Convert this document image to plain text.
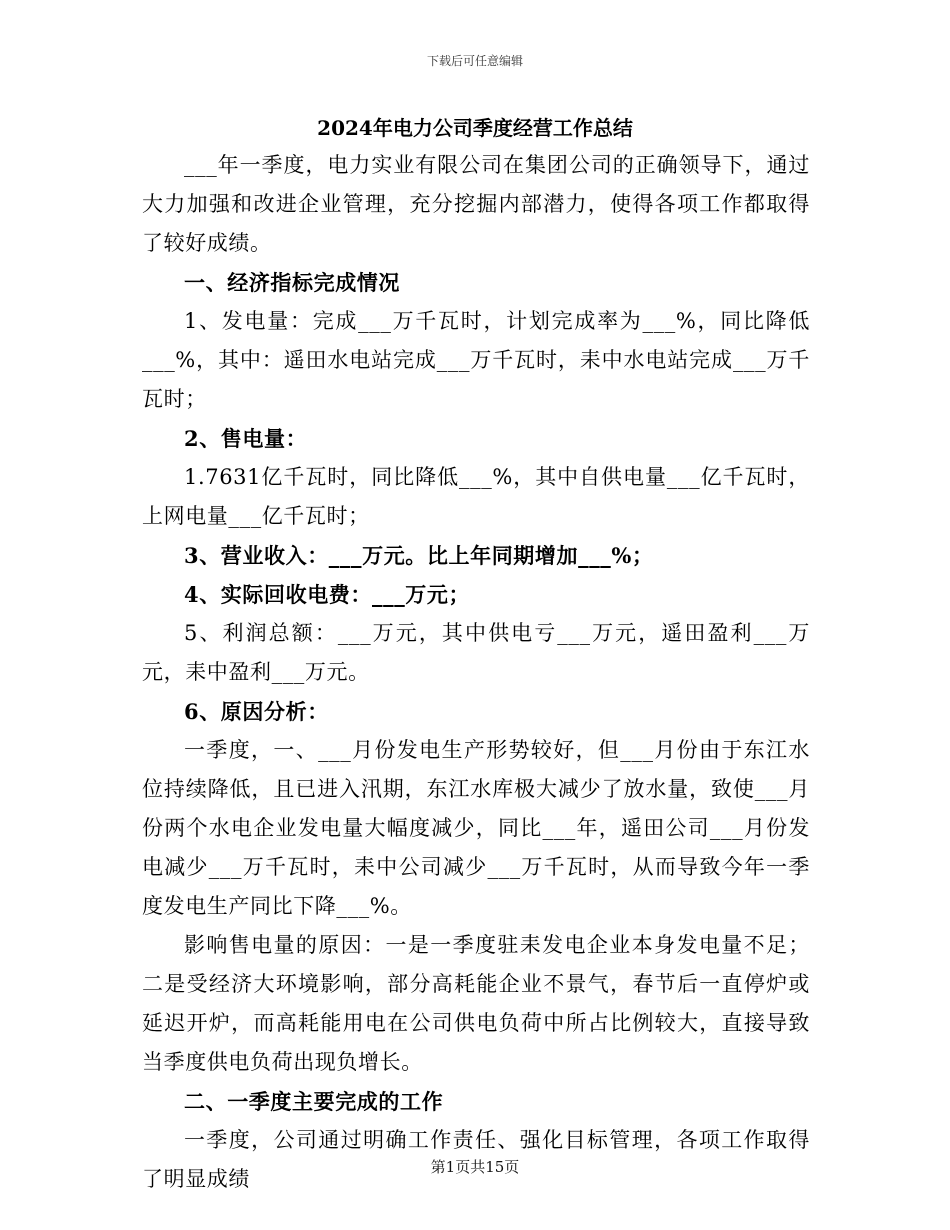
下载后可任意编辑
2024年电力公司季度经营工作总结

___年一季度，电力实业有限公司在集团公司的正确领导下，通过大力加强和改进企业管理，充分挖掘内部潜力，使得各项工作都取得了较好成绩。

一、经济指标完成情况

1、发电量：完成___万千瓦时，计划完成率为___%，同比降低___%，其中：遥田水电站完成___万千瓦时，耒中水电站完成___万千瓦时；

2、售电量：

1.7631亿千瓦时，同比降低___%，其中自供电量___亿千瓦时，上网电量___亿千瓦时；

3、营业收入：___万元。比上年同期增加___%；

4、实际回收电费：___万元；

5、利润总额：___万元，其中供电亏___万元，遥田盈利___万元，耒中盈利___万元。

6、原因分析：

一季度，一、___月份发电生产形势较好，但___月份由于东江水位持续降低，且已进入汛期，东江水库极大减少了放水量，致使___月份两个水电企业发电量大幅度减少，同比___年，遥田公司___月份发电减少___万千瓦时，耒中公司减少___万千瓦时，从而导致今年一季度发电生产同比下降___%。

影响售电量的原因：一是一季度驻耒发电企业本身发电量不足；二是受经济大环境影响，部分高耗能企业不景气，春节后一直停炉或延迟开炉，而高耗能用电在公司供电负荷中所占比例较大，直接导致当季度供电负荷出现负增长。

二、一季度主要完成的工作

一季度，公司通过明确工作责任、强化目标管理，各项工作取得了明显成绩	第1页共15页
